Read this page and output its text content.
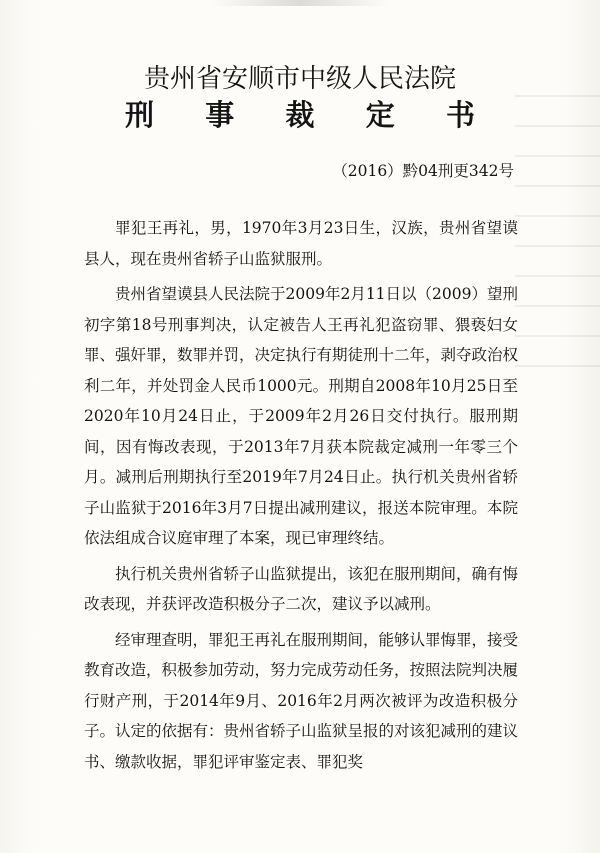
贵州省安顺市中级人民法院
刑 事 裁 定 书
（2016）黔04刑更342号

罪犯王再礼，男，1970年3月23日生，汉族，贵州省望谟县人，现在贵州省轿子山监狱服刑。

贵州省望谟县人民法院于2009年2月11日以（2009）望刑初字第18号刑事判决，认定被告人王再礼犯盗窃罪、猥亵妇女罪、强奸罪，数罪并罚，决定执行有期徒刑十二年，剥夺政治权利二年，并处罚金人民币1000元。刑期自2008年10月25日至2020年10月24日止，于2009年2月26日交付执行。服刑期间，因有悔改表现，于2013年7月获本院裁定减刑一年零三个月。减刑后刑期执行至2019年7月24日止。执行机关贵州省轿子山监狱于2016年3月7日提出减刑建议，报送本院审理。本院依法组成合议庭审理了本案，现已审理终结。

执行机关贵州省轿子山监狱提出，该犯在服刑期间，确有悔改表现，并获评改造积极分子二次，建议予以减刑。

经审理查明，罪犯王再礼在服刑期间，能够认罪悔罪，接受教育改造，积极参加劳动，努力完成劳动任务，按照法院判决履行财产刑，于2014年9月、2016年2月两次被评为改造积极分子。认定的依据有：贵州省轿子山监狱呈报的对该犯减刑的建议书、缴款收据，罪犯评审鉴定表、罪犯奖
